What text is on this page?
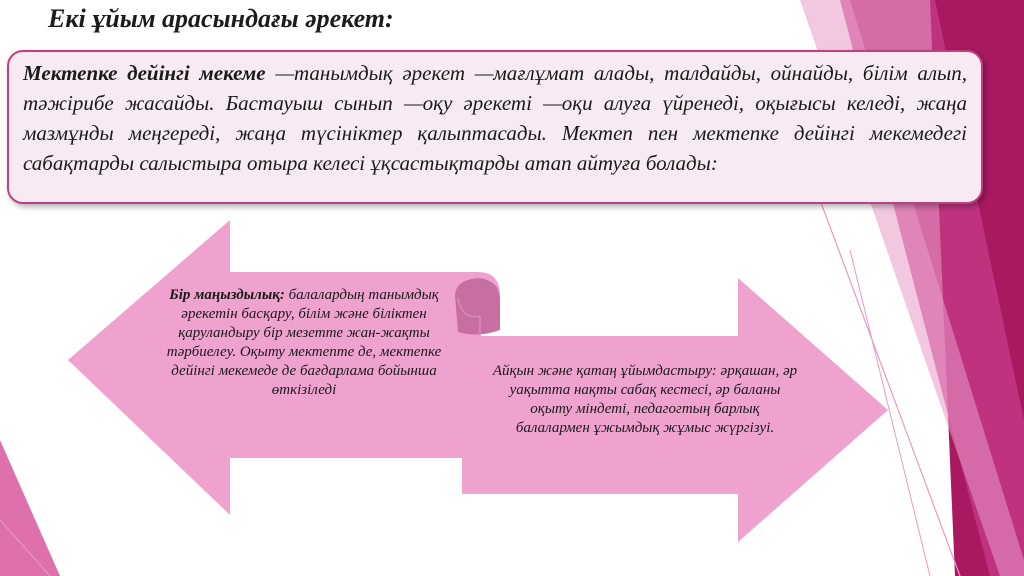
Екі ұйым арасындағы әрекет:
Мектепке дейінгі мекеме —танымдық әрекет —мағлұмат алады, талдайды, ойнайды, білім алып, тәжірибе жасайды. Бастауыш сынып —оқу әрекеті —оқи алуға үйренеді, оқығысы келеді, жаңа мазмұнды меңгереді, жаңа түсініктер қалыптасады. Мектеп пен мектепке дейінгі мекемедегі сабақтарды салыстыра отыра келесі ұқсастықтарды атап айтуға болады:
Бір маңыздылық: балалардың танымдық әрекетін басқару, білім және біліктен қаруландыру бір мезетте жан-жақты тәрбиелеу. Оқыту мектепте де, мектепке дейінгі мекемеде де бағдарлама бойынша өткізіледі
Айқын және қатаң ұйымдастыру: әрқашан, әр уақытта нақты сабақ кестесі, әр баланы оқыту міндеті, педагогтың барлық балалармен ұжымдық жұмыс жүргізуі.
